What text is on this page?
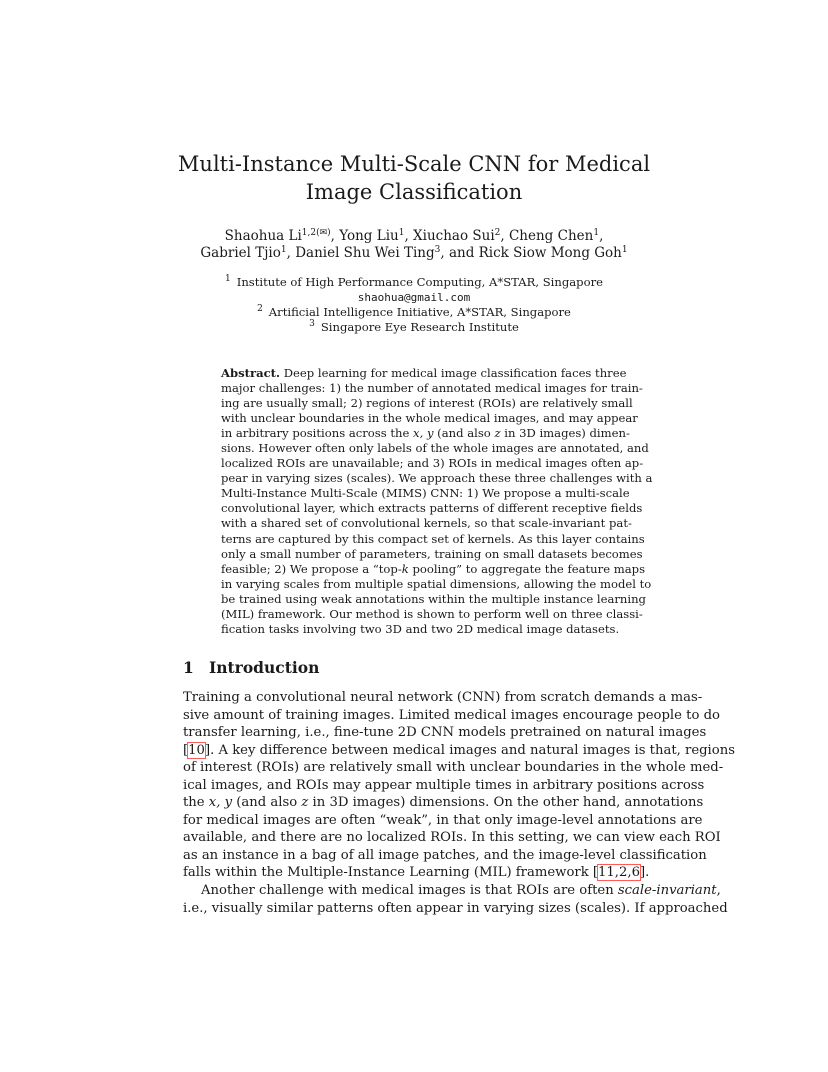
Multi-Instance Multi-Scale CNN for Medical
Image Classification
Shaohua $Li^{1,2(✉)}$, Yong Liu$^1$, Xiuchao Sui$^2$, Cheng Chen$^1$,
Gabriel Tjio$^1$, Daniel Shu Wei Ting$^3$, and Rick Siow Mong Goh$^1$
$^1$ Institute of High Performance Computing, A*STAR, Singapore
shaohua@gmail.com
$^2$ Artificial Intelligence Initiative, A*STAR, Singapore
$^3$ Singapore Eye Research Institute
Abstract. Deep learning for medical image classification faces three
major challenges: 1) the number of annotated medical images for train-
ing are usually small; 2) regions of interest (ROIs) are relatively small
with unclear boundaries in the whole medical images, and may appear
in arbitrary positions across the x, y (and also z in 3D images) dimen-
sions. However often only labels of the whole images are annotated, and
localized ROIs are unavailable; and 3) ROIs in medical images often ap-
pear in varying sizes (scales). We approach these three challenges with a
Multi-Instance Multi-Scale (MIMS) CNN: 1) We propose a multi-scale
convolutional layer, which extracts patterns of different receptive fields
with a shared set of convolutional kernels, so that scale-invariant pat-
terns are captured by this compact set of kernels. As this layer contains
only a small number of parameters, training on small datasets becomes
feasible; 2) We propose a “top-k pooling” to aggregate the feature maps
in varying scales from multiple spatial dimensions, allowing the model to
be trained using weak annotations within the multiple instance learning
(MIL) framework. Our method is shown to perform well on three classi-
fication tasks involving two 3D and two 2D medical image datasets.
1 Introduction
Training a convolutional neural network (CNN) from scratch demands a mas-
sive amount of training images. Limited medical images encourage people to do
transfer learning, i.e., fine-tune 2D CNN models pretrained on natural images
[10]. A key difference between medical images and natural images is that, regions
of interest (ROIs) are relatively small with unclear boundaries in the whole med-
ical images, and ROIs may appear multiple times in arbitrary positions across
the x, y (and also z in 3D images) dimensions. On the other hand, annotations
for medical images are often “weak”, in that only image-level annotations are
available, and there are no localized ROIs. In this setting, we can view each ROI
as an instance in a bag of all image patches, and the image-level classification
falls within the Multiple-Instance Learning (MIL) framework [11,2,6].
Another challenge with medical images is that ROIs are often scale-invariant,
i.e., visually similar patterns often appear in varying sizes (scales). If approached
